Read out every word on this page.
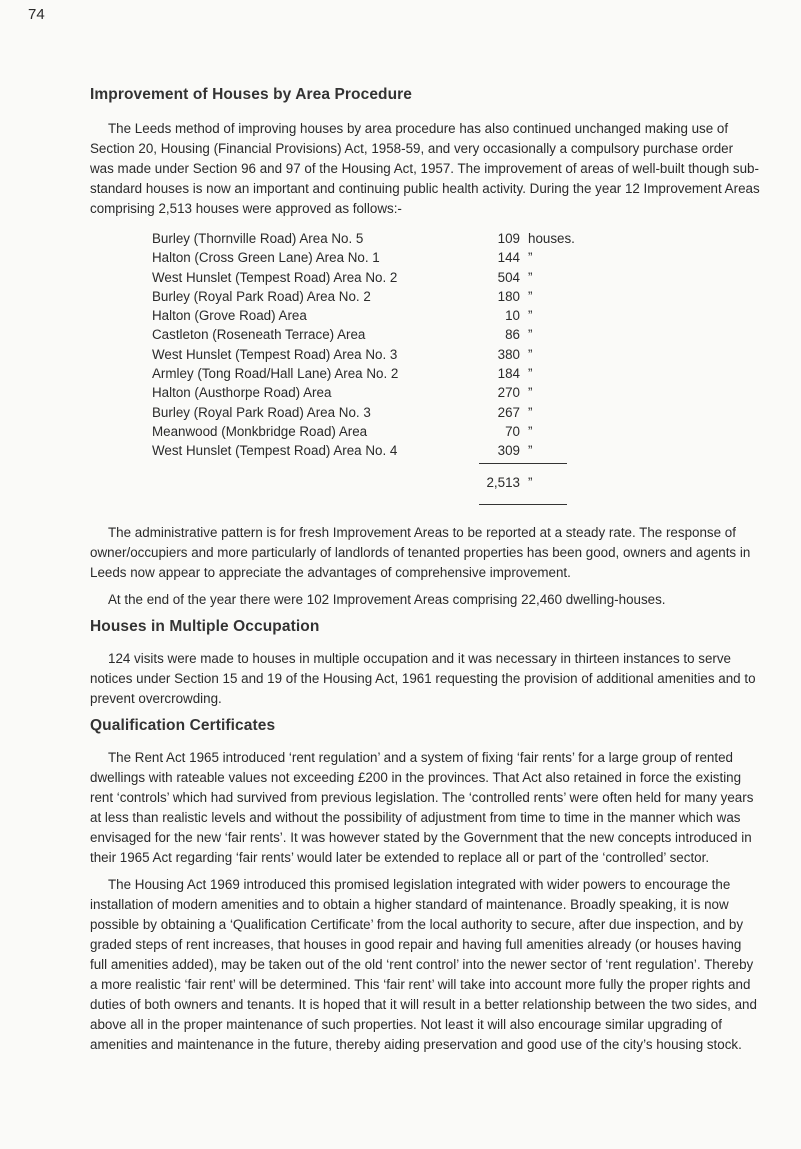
74
Improvement of Houses by Area Procedure

The Leeds method of improving houses by area procedure has also continued unchanged making use of Section 20, Housing (Financial Provisions) Act, 1958-59, and very occasionally a compulsory purchase order was made under Section 96 and 97 of the Housing Act, 1957. The improvement of areas of well-built though sub-standard houses is now an important and continuing public health activity. During the year 12 Improvement Areas comprising 2,513 houses were approved as follows:-

Burley (Thornville Road) Area No. 5	109 houses.
Halton (Cross Green Lane) Area No. 1	144 ”
West Hunslet (Tempest Road) Area No. 2	504 ”
Burley (Royal Park Road) Area No. 2	180 ”
Halton (Grove Road) Area	10 ”
Castleton (Roseneath Terrace) Area	86 ”
West Hunslet (Tempest Road) Area No. 3	380 ”
Armley (Tong Road/Hall Lane) Area No. 2	184 ”
Halton (Austhorpe Road) Area	270 ”
Burley (Royal Park Road) Area No. 3	267 ”
Meanwood (Monkbridge Road) Area	70 ”
West Hunslet (Tempest Road) Area No. 4	309 ”
2,513 ”

The administrative pattern is for fresh Improvement Areas to be reported at a steady rate. The response of owner/occupiers and more particularly of landlords of tenanted properties has been good, owners and agents in Leeds now appear to appreciate the advantages of comprehensive improvement.

At the end of the year there were 102 Improvement Areas comprising 22,460 dwelling-houses.

Houses in Multiple Occupation

124 visits were made to houses in multiple occupation and it was necessary in thirteen instances to serve notices under Section 15 and 19 of the Housing Act, 1961 requesting the provision of additional amenities and to prevent overcrowding.

Qualification Certificates

The Rent Act 1965 introduced ‘rent regulation’ and a system of fixing ‘fair rents’ for a large group of rented dwellings with rateable values not exceeding £200 in the provinces. That Act also retained in force the existing rent ‘controls’ which had survived from previous legislation. The ‘controlled rents’ were often held for many years at less than realistic levels and without the possibility of adjustment from time to time in the manner which was envisaged for the new ‘fair rents’. It was however stated by the Government that the new concepts introduced in their 1965 Act regarding ‘fair rents’ would later be extended to replace all or part of the ‘controlled’ sector.

The Housing Act 1969 introduced this promised legislation integrated with wider powers to encourage the installation of modern amenities and to obtain a higher standard of maintenance. Broadly speaking, it is now possible by obtaining a ‘Qualification Certificate’ from the local authority to secure, after due inspection, and by graded steps of rent increases, that houses in good repair and having full amenities already (or houses having full amenities added), may be taken out of the old ‘rent control’ into the newer sector of ‘rent regulation’. Thereby a more realistic ‘fair rent’ will be determined. This ‘fair rent’ will take into account more fully the proper rights and duties of both owners and tenants. It is hoped that it will result in a better relationship between the two sides, and above all in the proper maintenance of such properties. Not least it will also encourage similar upgrading of amenities and maintenance in the future, thereby aiding preservation and good use of the city’s housing stock.
